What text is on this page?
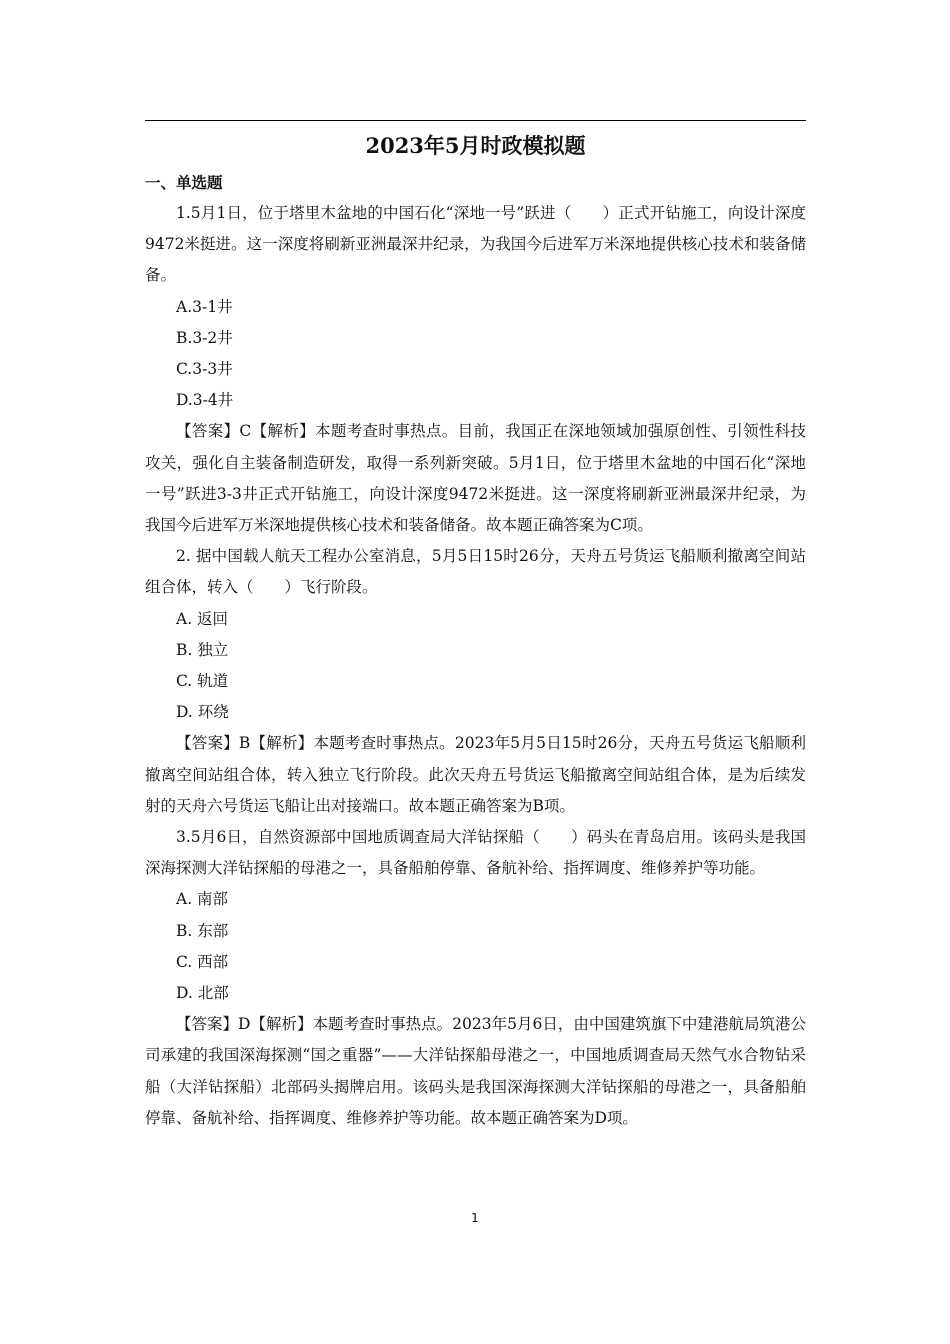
2023年5月时政模拟题
一、单选题

1.5月1日，位于塔里木盆地的中国石化“深地一号”跃进（　　）正式开钻施工，向设计深度9472米挺进。这一深度将刷新亚洲最深井纪录，为我国今后进军万米深地提供核心技术和装备储备。

A.3-1井

B.3-2井

C.3-3井

D.3-4井

【答案】C【解析】本题考查时事热点。目前，我国正在深地领域加强原创性、引领性科技攻关，强化自主装备制造研发，取得一系列新突破。5月1日，位于塔里木盆地的中国石化“深地一号”跃进3-3井正式开钻施工，向设计深度9472米挺进。这一深度将刷新亚洲最深井纪录，为我国今后进军万米深地提供核心技术和装备储备。故本题正确答案为C项。

2. 据中国载人航天工程办公室消息，5月5日15时26分，天舟五号货运飞船顺利撤离空间站组合体，转入（　　）飞行阶段。

A. 返回

B. 独立

C. 轨道

D. 环绕

【答案】B【解析】本题考查时事热点。2023年5月5日15时26分，天舟五号货运飞船顺利撤离空间站组合体，转入独立飞行阶段。此次天舟五号货运飞船撤离空间站组合体，是为后续发射的天舟六号货运飞船让出对接端口。故本题正确答案为B项。

3.5月6日，自然资源部中国地质调查局大洋钻探船（　　）码头在青岛启用。该码头是我国深海探测大洋钻探船的母港之一，具备船舶停靠、备航补给、指挥调度、维修养护等功能。

A. 南部

B. 东部

C. 西部

D. 北部

【答案】D【解析】本题考查时事热点。2023年5月6日，由中国建筑旗下中建港航局筑港公司承建的我国深海探测“国之重器”——大洋钻探船母港之一，中国地质调查局天然气水合物钻采船（大洋钻探船）北部码头揭牌启用。该码头是我国深海探测大洋钻探船的母港之一，具备船舶停靠、备航补给、指挥调度、维修养护等功能。故本题正确答案为D项。

1
